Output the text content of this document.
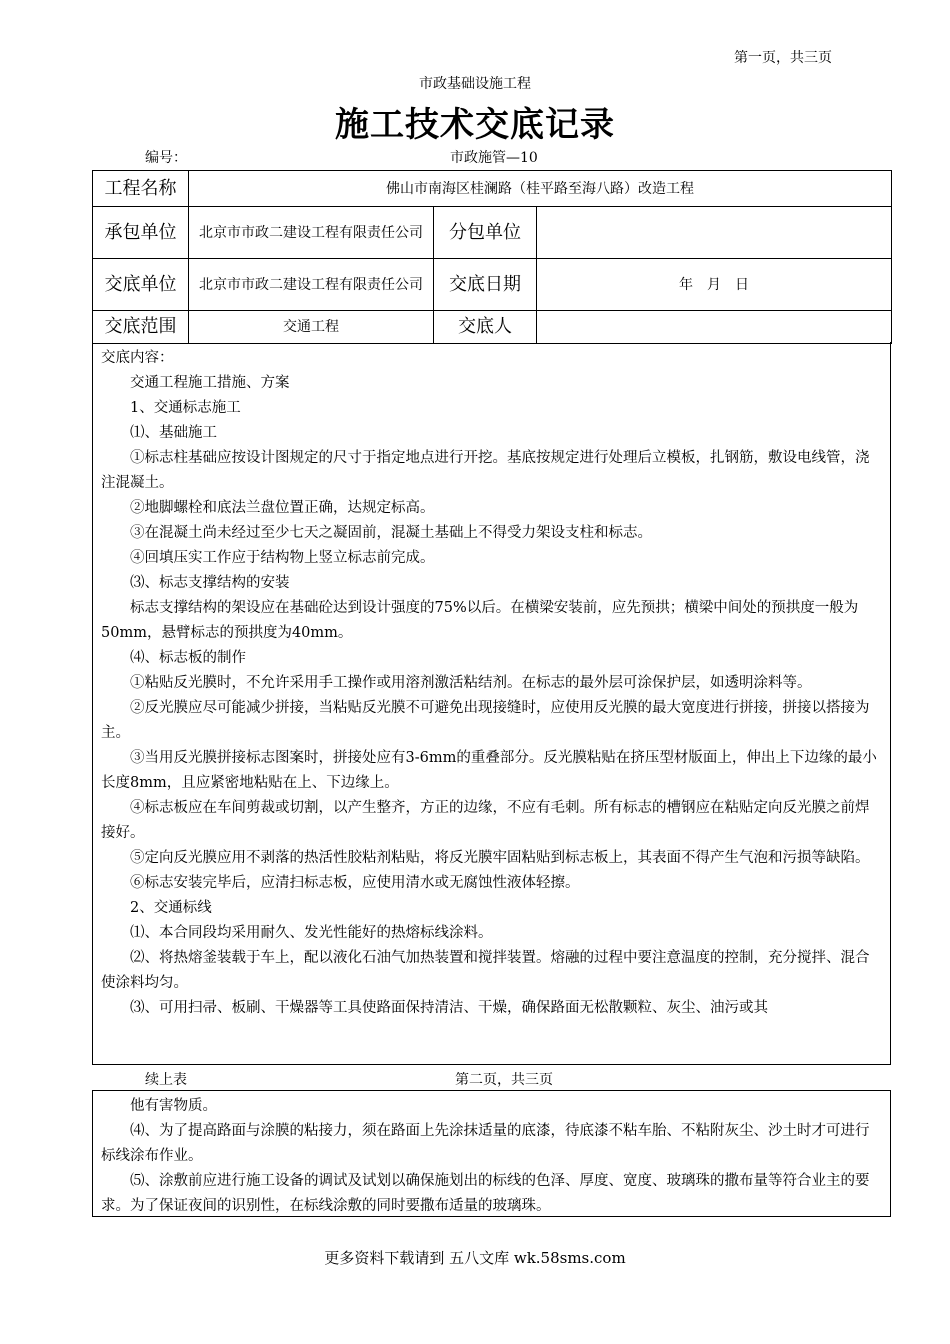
第一页，共三页
市政基础设施工程
施工技术交底记录
编号：	市政施管—10
工程名称	佛山市南海区桂澜路（桂平路至海八路）改造工程		
承包单位	北京市市政二建设工程有限责任公司	分包单位	
交底单位	北京市市政二建设工程有限责任公司	交底日期	年　月　日
交底范围	交通工程	交底人	

交底内容：

交通工程施工措施、方案

1、交通标志施工

⑴、基础施工

①标志柱基础应按设计图规定的尺寸于指定地点进行开挖。基底按规定进行处理后立模板，扎钢筋，敷设电线管，浇注混凝土。

②地脚螺栓和底法兰盘位置正确，达规定标高。

③在混凝土尚未经过至少七天之凝固前，混凝土基础上不得受力架设支柱和标志。

④回填压实工作应于结构物上竖立标志前完成。

⑶、标志支撑结构的安装

标志支撑结构的架设应在基础砼达到设计强度的75%以后。在横梁安装前，应先预拱；横梁中间处的预拱度一般为50mm，悬臂标志的预拱度为40mm。

⑷、标志板的制作

①粘贴反光膜时，不允许采用手工操作或用溶剂激活粘结剂。在标志的最外层可涂保护层，如透明涂料等。

②反光膜应尽可能减少拼接，当粘贴反光膜不可避免出现接缝时，应使用反光膜的最大宽度进行拼接，拼接以搭接为主。

③当用反光膜拼接标志图案时，拼接处应有3-6mm的重叠部分。反光膜粘贴在挤压型材版面上，伸出上下边缘的最小长度8mm，且应紧密地粘贴在上、下边缘上。

④标志板应在车间剪裁或切割，以产生整齐，方正的边缘，不应有毛刺。所有标志的槽钢应在粘贴定向反光膜之前焊接好。

⑤定向反光膜应用不剥落的热活性胶粘剂粘贴，将反光膜牢固粘贴到标志板上，其表面不得产生气泡和污损等缺陷。

⑥标志安装完毕后，应清扫标志板，应使用清水或无腐蚀性液体轻擦。

2、交通标线

⑴、本合同段均采用耐久、发光性能好的热熔标线涂料。

⑵、将热熔釜装载于车上，配以液化石油气加热装置和搅拌装置。熔融的过程中要注意温度的控制，充分搅拌、混合使涂料均匀。

⑶、可用扫帚、板刷、干燥器等工具使路面保持清洁、干燥，确保路面无松散颗粒、灰尘、油污或其

续上表	第二页，共三页

他有害物质。

⑷、为了提高路面与涂膜的粘接力，须在路面上先涂抹适量的底漆，待底漆不粘车胎、不粘附灰尘、沙土时才可进行标线涂布作业。

⑸、涂敷前应进行施工设备的调试及试划以确保施划出的标线的色泽、厚度、宽度、玻璃珠的撒布量等符合业主的要求。为了保证夜间的识别性，在标线涂敷的同时要撒布适量的玻璃珠。

更多资料下载请到 五八文库 wk.58sms.com
